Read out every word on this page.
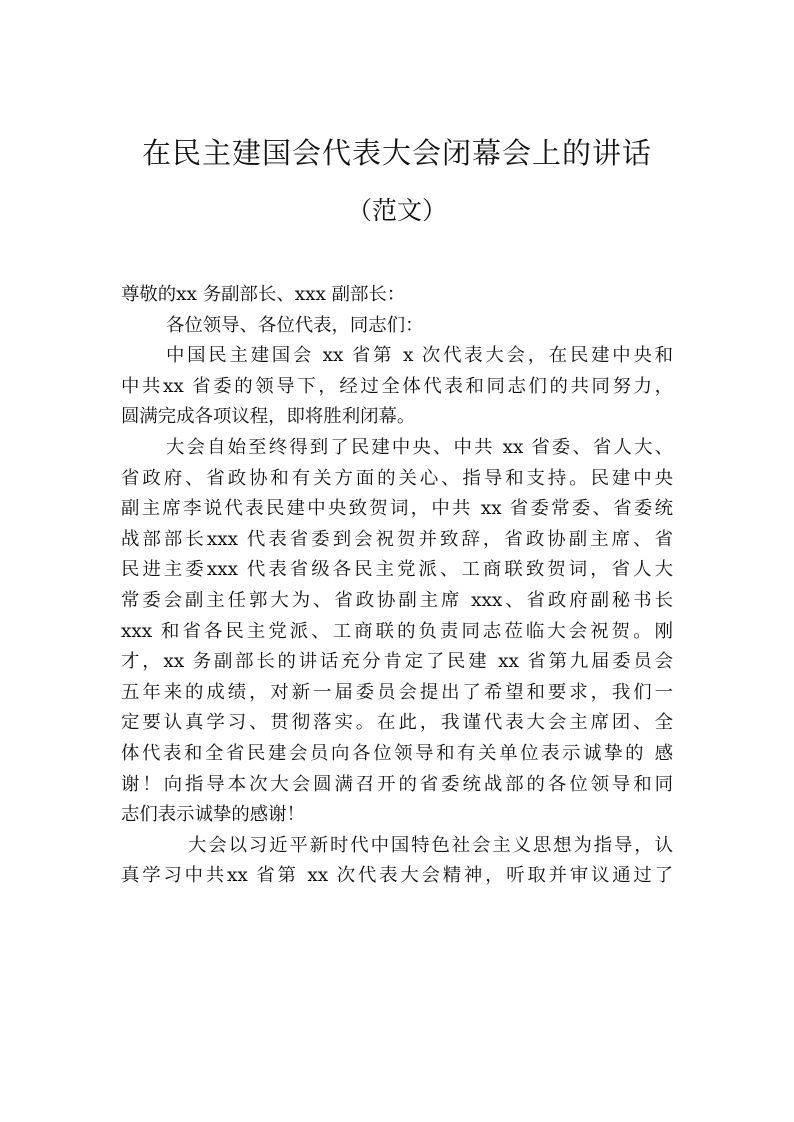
在民主建国会代表大会闭幕会上的讲话
（范文）
尊敬的xx 务副部长、xxx 副部长：
各位领导、各位代表，同志们：
中国民主建国会 xx 省第 x 次代表大会，在民建中央和
中共xx 省委的领导下，经过全体代表和同志们的共同努力，
圆满完成各项议程，即将胜利闭幕。
大会自始至终得到了民建中央、中共 xx 省委、省人大、
省政府、省政协和有关方面的关心、指导和支持。民建中央
副主席李说代表民建中央致贺词，中共 xx 省委常委、省委统
战部部长xxx 代表省委到会祝贺并致辞，省政协副主席、省
民进主委xxx 代表省级各民主党派、工商联致贺词，省人大
常委会副主任郭大为、省政协副主席 xxx、省政府副秘书长
xxx 和省各民主党派、工商联的负责同志莅临大会祝贺。刚
才，xx 务副部长的讲话充分肯定了民建 xx 省第九届委员会
五年来的成绩，对新一届委员会提出了希望和要求，我们一
定要认真学习、贯彻落实。在此，我谨代表大会主席团、全
体代表和全省民建会员向各位领导和有关单位表示诚挚的 感
谢！向指导本次大会圆满召开的省委统战部的各位领导和同
志们表示诚挚的感谢！
大会以习近平新时代中国特色社会主义思想为指导，认
真学习中共xx 省第 xx 次代表大会精神，听取并审议通过了
